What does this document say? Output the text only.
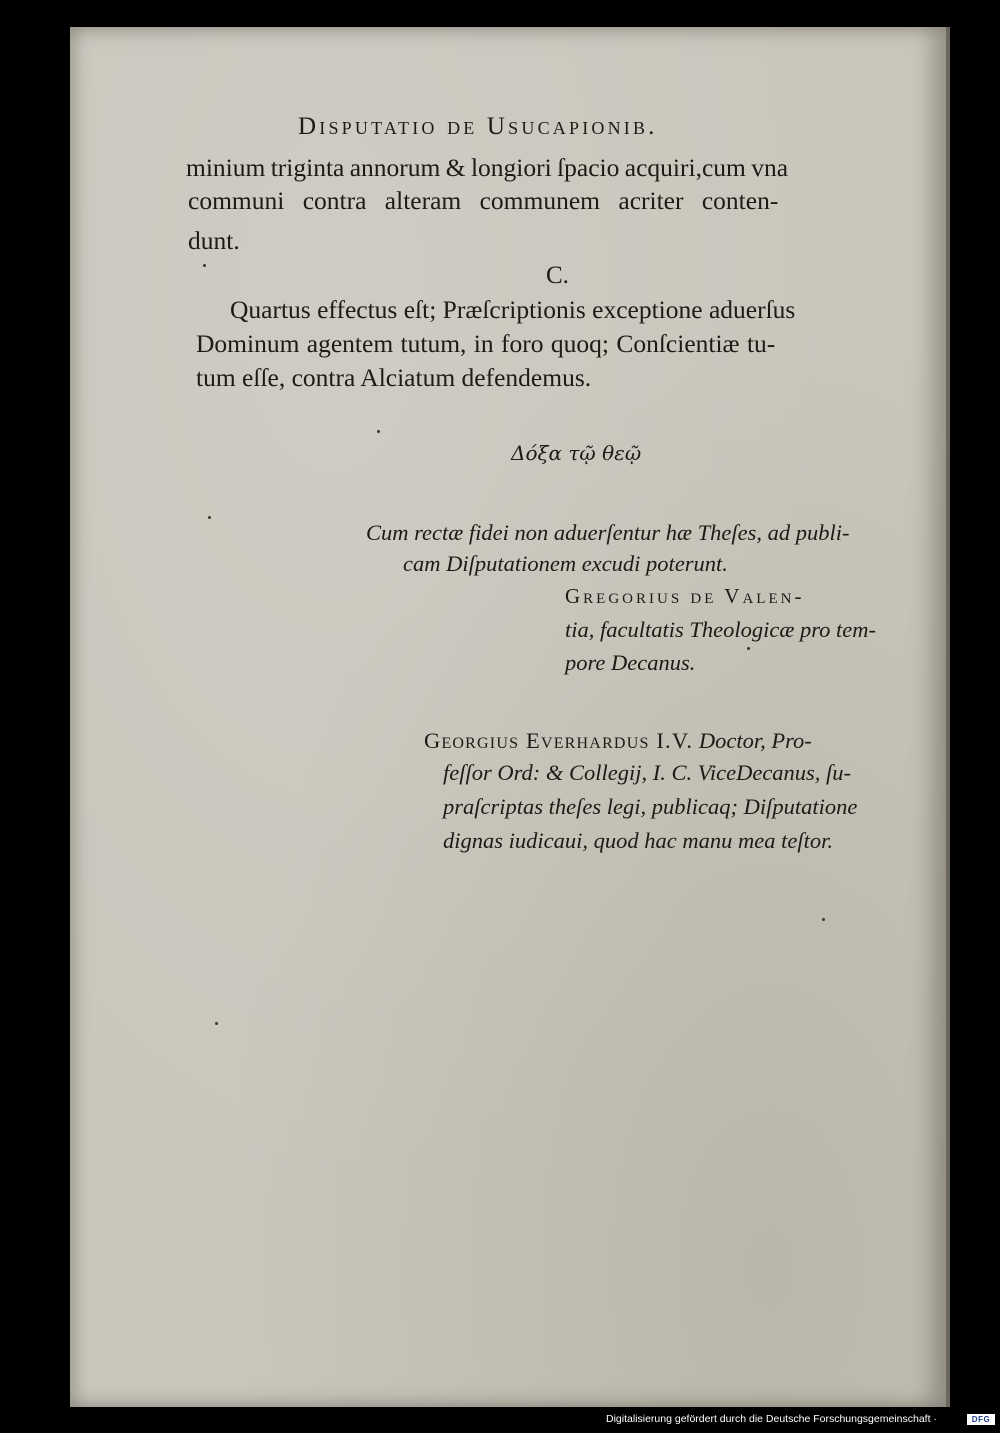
Disputatio de Usucapionib.
minium triginta annorum & longiori ſpacio acquiri,cum vna
communi contra alteram communem acriter conten-
dunt.
C.
Quartus effectus eſt; Præſcriptionis exceptione aduerſus
Dominum agentem tutum, in foro quoq; Conſcientiæ tu-
tum eſſe, contra Alciatum defendemus.
Δόξα τῷ θεῷ
Cum rectæ fidei non aduerſentur hæ Theſes, ad publi-
cam Diſputationem excudi poterunt.
Gregorius de Valen-
tia, facultatis Theologicæ pro tem-
pore Decanus.
Georgius Everhardus I.V. Doctor, Pro-
feſſor Ord: & Collegij, I. C. ViceDecanus, ſu-
praſcriptas theſes legi, publicaq; Diſputatione
dignas iudicaui, quod hac manu mea teſtor.
Digitalisierung gefördert durch die Deutsche Forschungsgemeinschaft ·	DFG
